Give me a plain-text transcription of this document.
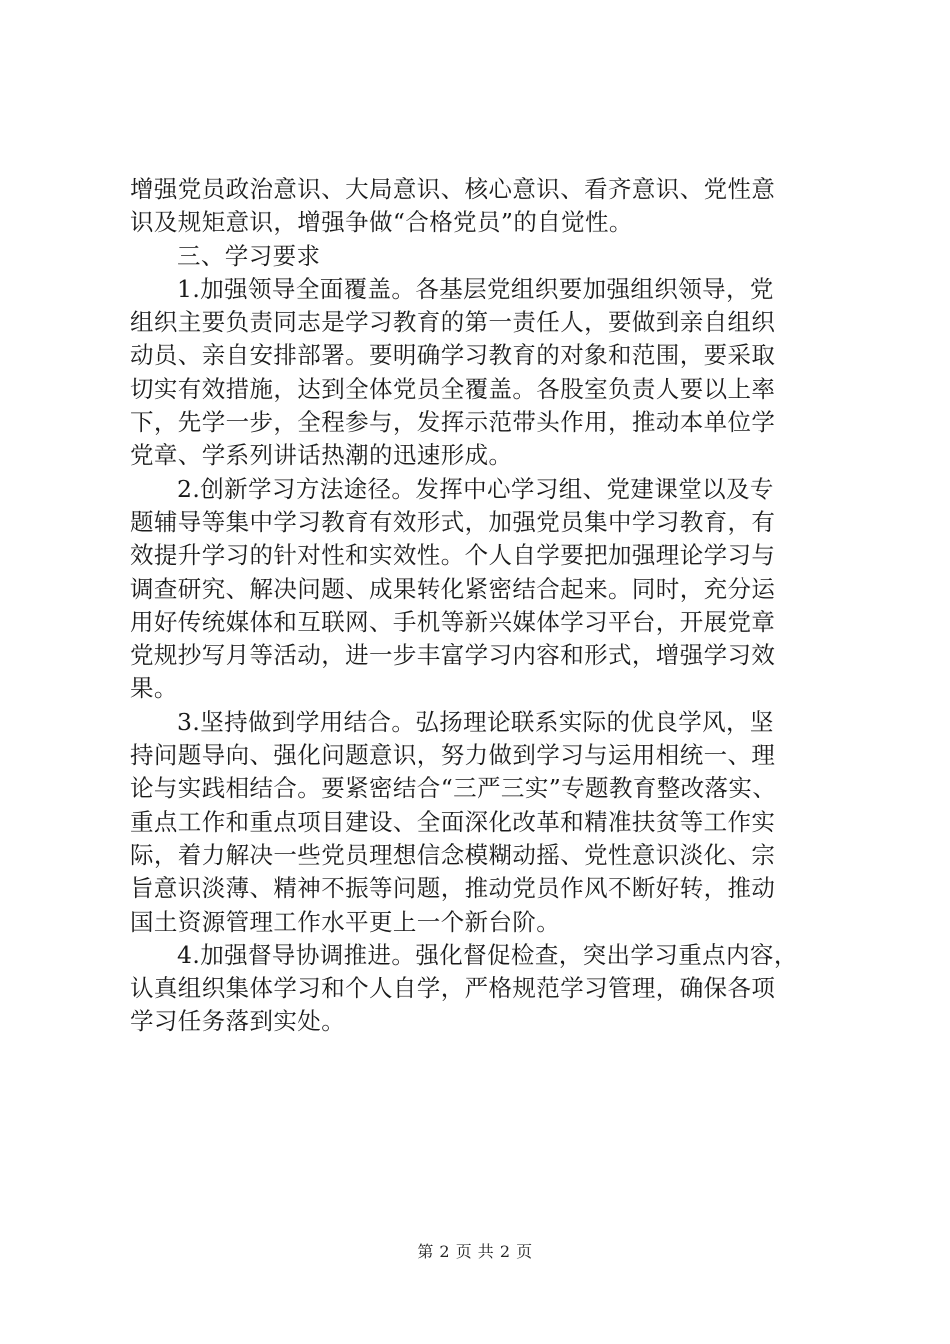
增强党员政治意识、大局意识、核心意识、看齐意识、党性意
识及规矩意识，增强争做“合格党员”的自觉性。
三、学习要求
1.加强领导全面覆盖。各基层党组织要加强组织领导，党
组织主要负责同志是学习教育的第一责任人，要做到亲自组织
动员、亲自安排部署。要明确学习教育的对象和范围，要采取
切实有效措施，达到全体党员全覆盖。各股室负责人要以上率
下，先学一步，全程参与，发挥示范带头作用，推动本单位学
党章、学系列讲话热潮的迅速形成。
2.创新学习方法途径。发挥中心学习组、党建课堂以及专
题辅导等集中学习教育有效形式，加强党员集中学习教育，有
效提升学习的针对性和实效性。个人自学要把加强理论学习与
调查研究、解决问题、成果转化紧密结合起来。同时，充分运
用好传统媒体和互联网、手机等新兴媒体学习平台，开展党章
党规抄写月等活动，进一步丰富学习内容和形式，增强学习效
果。
3.坚持做到学用结合。弘扬理论联系实际的优良学风，坚
持问题导向、强化问题意识，努力做到学习与运用相统一、理
论与实践相结合。要紧密结合“三严三实”专题教育整改落实、
重点工作和重点项目建设、全面深化改革和精准扶贫等工作实
际，着力解决一些党员理想信念模糊动摇、党性意识淡化、宗
旨意识淡薄、精神不振等问题，推动党员作风不断好转，推动
国土资源管理工作水平更上一个新台阶。
4.加强督导协调推进。强化督促检查，突出学习重点内容，
认真组织集体学习和个人自学，严格规范学习管理，确保各项
学习任务落到实处。
第 2 页 共 2 页
